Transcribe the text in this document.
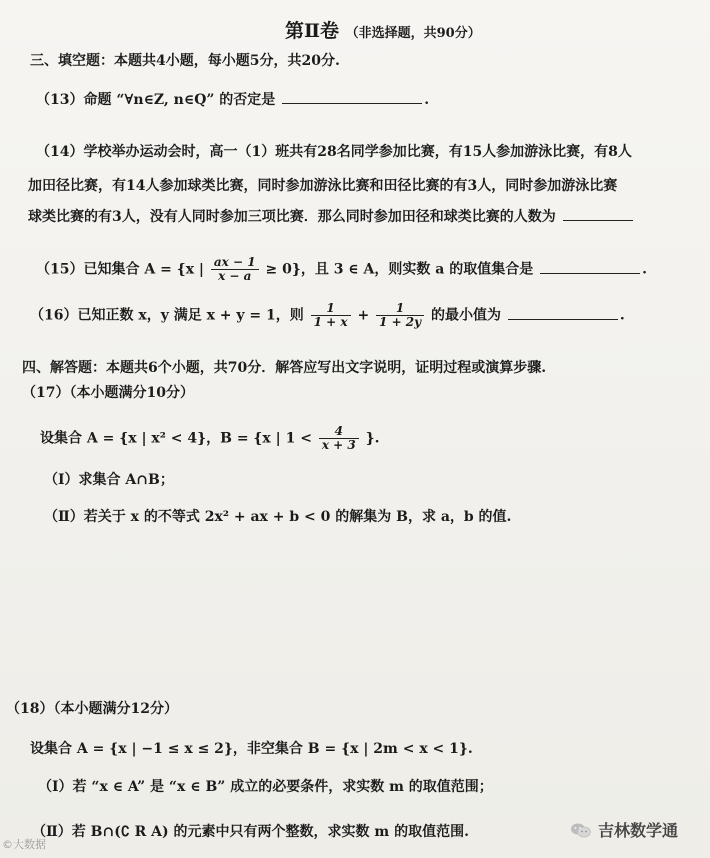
第Ⅱ卷 （非选择题，共90分）
三、填空题：本题共4小题，每小题5分，共20分.
（13）命题 “∀n∈Z, n∈Q” 的否定是	.
（14）学校举办运动会时，高一（1）班共有28名同学参加比赛，有15人参加游泳比赛，有8人
加田径比赛，有14人参加球类比赛，同时参加游泳比赛和田径比赛的有3人，同时参加游泳比赛
球类比赛的有3人，没有人同时参加三项比赛．那么同时参加田径和球类比赛的人数为
（15）已知集合 A = {x | $\frac{ax - 1}{x - a} \ge 0$}，且 3 ∈ A，则实数 a 的取值集合是	.
（16）已知正数 x，y 满足 x + y = 1，则 $\frac{1}{1 + x} + \frac{1}{1 + 2y}$ 的最小值为	.
四、解答题：本题共6个小题，共70分．解答应写出文字说明，证明过程或演算步骤.
（17）（本小题满分10分）
设集合 A = {x | x² < 4}，B = {x | $1 < \frac{4}{x + 3}$ }.
（Ⅰ）求集合 A∩B；
（Ⅱ）若关于 x 的不等式 2x² + ax + b < 0 的解集为 B，求 a，b 的值.
（18）（本小题满分12分）
设集合 A = {x | −1 ≤ x ≤ 2}，非空集合 B = {x | 2m < x < 1}.
（Ⅰ）若 “x ∈ A” 是 “x ∈ B” 成立的必要条件，求实数 m 的取值范围；
（Ⅱ）若 B∩(∁ R A) 的元素中只有两个整数，求实数 m 的取值范围.
©大数据
吉林数学通
